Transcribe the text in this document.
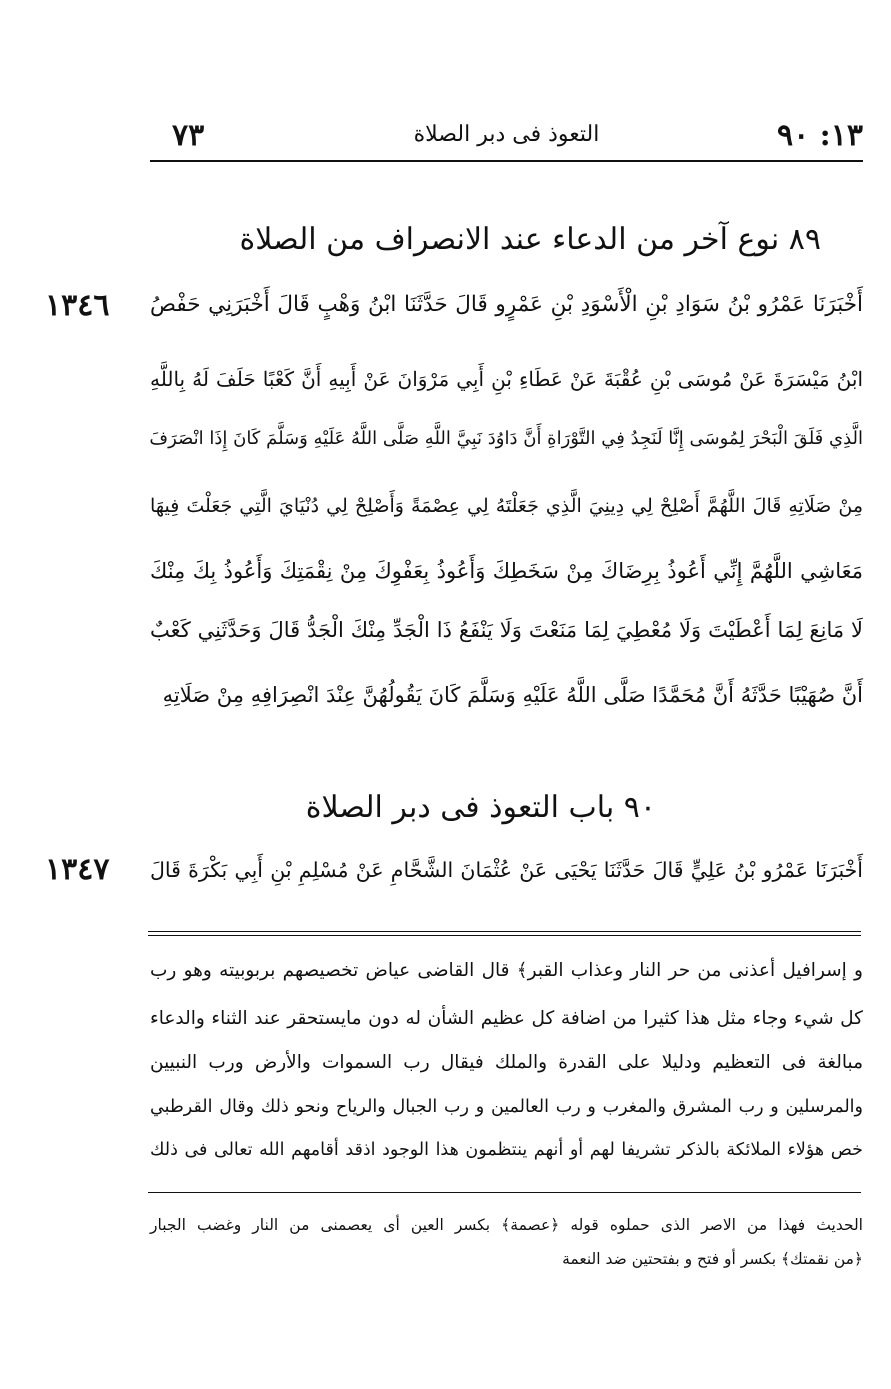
٧٣	التعوذ فى دبر الصلاة	١٣: ٩٠
٨٩ نوع آخر من الدعاء عند الانصراف من الصلاة
١٣٤٦ أَخْبَرَنَا عَمْرُو بْنُ سَوَادِ بْنِ الْأَسْوَدِ بْنِ عَمْرٍو قَالَ حَدَّثَنَا ابْنُ وَهْبٍ قَالَ أَخْبَرَنِي حَفْصُ
ابْنُ مَيْسَرَةَ عَنْ مُوسَى بْنِ عُقْبَةَ عَنْ عَطَاءِ بْنِ أَبِي مَرْوَانَ عَنْ أَبِيهِ أَنَّ كَعْبًا حَلَفَ لَهُ بِاللَّهِ
الَّذِي فَلَقَ الْبَحْرَ لِمُوسَى إِنَّا لَنَجِدُ فِي التَّوْرَاةِ أَنَّ دَاوُدَ نَبِيَّ اللَّهِ صَلَّى اللَّهُ عَلَيْهِ وَسَلَّمَ كَانَ إِذَا انْصَرَفَ
مِنْ صَلَاتِهِ قَالَ اللَّهُمَّ أَصْلِحْ لِي دِينِيَ الَّذِي جَعَلْتَهُ لِي عِصْمَةً وَأَصْلِحْ لِي دُنْيَايَ الَّتِي جَعَلْتَ فِيهَا
مَعَاشِي اللَّهُمَّ إِنِّي أَعُوذُ بِرِضَاكَ مِنْ سَخَطِكَ وَأَعُوذُ بِعَفْوِكَ مِنْ نِقْمَتِكَ وَأَعُوذُ بِكَ مِنْكَ
لَا مَانِعَ لِمَا أَعْطَيْتَ وَلَا مُعْطِيَ لِمَا مَنَعْتَ وَلَا يَنْفَعُ ذَا الْجَدِّ مِنْكَ الْجَدُّ قَالَ وَحَدَّثَنِي كَعْبٌ
أَنَّ صُهَيْبًا حَدَّثَهُ أَنَّ مُحَمَّدًا صَلَّى اللَّهُ عَلَيْهِ وَسَلَّمَ كَانَ يَقُولُهُنَّ عِنْدَ انْصِرَافِهِ مِنْ صَلَاتِهِ
٩٠ باب التعوذ فى دبر الصلاة
١٣٤٧ أَخْبَرَنَا عَمْرُو بْنُ عَلِيٍّ قَالَ حَدَّثَنَا يَحْيَى عَنْ عُثْمَانَ الشَّحَّامِ عَنْ مُسْلِمِ بْنِ أَبِي بَكْرَةَ قَالَ
و إسرافيل أعذنى من حر النار وعذاب القبر﴾ قال القاضى عياض تخصيصهم بربوبيته وهو رب
كل شيء وجاء مثل هذا كثيرا من اضافة كل عظيم الشأن له دون مايستحقر عند الثناء والدعاء
مبالغة فى التعظيم ودليلا على القدرة والملك فيقال رب السموات والأرض ورب النبيين
والمرسلين و رب المشرق والمغرب و رب العالمين و رب الجبال والرياح ونحو ذلك وقال القرطبي
خص هؤلاء الملائكة بالذكر تشريفا لهم أو أنهم ينتظمون هذا الوجود اذقد أقامهم الله تعالى فى ذلك
الحديث فهذا من الاصر الذى حملوه قوله ﴿عصمة﴾ بكسر العين أى يعصمنى من النار وغضب الجبار
﴿من نقمتك﴾ بكسر أو فتح و بفتحتين ضد النعمة
